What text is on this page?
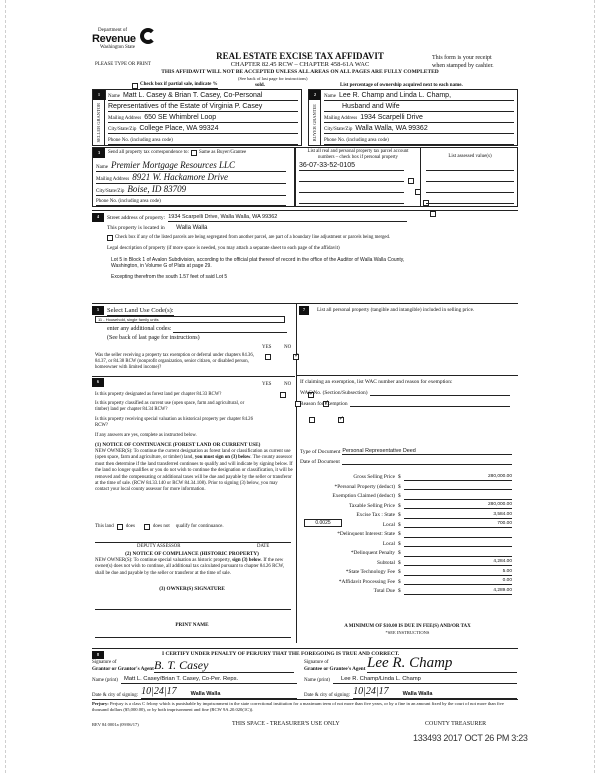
Department of
Revenue
Washington State
PLEASE TYPE OR PRINT
REAL ESTATE EXCISE TAX AFFIDAVIT
CHAPTER 82.45 RCW – CHAPTER 458-61A WAC
This form is your receipt
when stamped by cashier.
THIS AFFIDAVIT WILL NOT BE ACCEPTED UNLESS ALL AREAS ON ALL PAGES ARE FULLY COMPLETED
(See back of last page for instructions)
Check box if partial sale, indicate %	sold.	List percentage of ownership acquired next to each name.
1
SELLER GRANTOR
Name Matt L. Casey & Brian T. Casey, Co-Personal
Representatives of the Estate of Virginia P. Casey
Mailing Address 650 SE Whimbrel Loop
City/State/Zip College Place, WA 99324
Phone No. (including area code)
2
BUYER GRANTEE
Name Lee R. Champ and Linda L. Champ,
Husband and Wife
Mailing Address 1934 Scarpelli Drive
City/State/Zip Walla Walla, WA 99362
Phone No. (including area code)
3	Send all property tax correspondence to: Same as Buyer/Grantee
Name Premier Mortgage Resources LLC
Mailing Address 8921 W. Hackamore Drive
City/State/Zip Boise, ID 83709
Phone No. (including area code)
List all real and personal property tax parcel account numbers – check box if personal property
36-07-33-52-0105

List assessed value(s)
4	Street address of property: 1934 Scarpelli Drive, Walla Walla, WA 99362
This property is located in Walla Walla
Check box if any of the listed parcels are being segregated from another parcel, are part of a boundary line adjustment or parcels being merged.
Legal description of property (if more space is needed, you may attach a separate sheet to each page of the affidavit)
Lot 5 in Block 1 of Avalon Subdivision, according to the official plat thereof of record in the office of the Auditor of Walla Walla County,
Washington, in Volume G of Plats at page 29.
Excepting therefrom the south 1.57 feet of said Lot 5
5	Select Land Use Code(s):
11 - Household, single family units
enter any additional codes:
(See back of last page for instructions)
YES	NO
Was the seller receiving a property tax exemption or deferral under chapters 84.36, 84.37, or 84.38 RCW (nonprofit organization, senior citizen, or disabled person, homeowner with limited income)?
✓
6
YES	NO
Is this property designated as forest land per chapter 84.33 RCW?
✓
Is this property classified as current use (open space, farm and agricultural, or timber) land per chapter 84.34 RCW?
✓
Is this property receiving special valuation as historical property per chapter 84.26 RCW?
✓
If any answers are yes, complete as instructed below.
(1) NOTICE OF CONTINUANCE (FOREST LAND OR CURRENT USE)
NEW OWNER(S): To continue the current designation as forest land or classification as current use (open space, farm and agriculture, or timber) land, you must sign on (3) below. The county assessor must then determine if the land transferred continues to qualify and will indicate by signing below. If the land no longer qualifies or you do not wish to continue the designation or classification, it will be removed and the compensating or additional taxes will be due and payable by the seller or transferor at the time of sale. (RCW 84.33.140 or RCW 84.34.108). Prior to signing (3) below, you may contact your local county assessor for more information.
This land does	does not qualify for continuance.
DEPUTY ASSESSOR	DATE
(2) NOTICE OF COMPLIANCE (HISTORIC PROPERTY)
NEW OWNER(S): To continue special valuation as historic property, sign (3) below. If the new owner(s) does not wish to continue, all additional tax calculated pursuant to chapter 84.26 RCW, shall be due and payable by the seller or transferor at the time of sale.
(3) OWNER(S) SIGNATURE
PRINT NAME
7	List all personal property (tangible and intangible) included in selling price.
If claiming an exemption, list WAC number and reason for exemption:
WAC No. (Section/Subsection)
Reason for exemption
Type of Document Personal Representative Deed
Date of Document
Gross Selling Price $	280,000.00
*Personal Property (deduct) $
Exemption Claimed (deduct) $
Taxable Selling Price $	280,000.00
Excise Tax : State $	3,584.00
0.0025	Local $	700.00
*Delinquent Interest: State $
Local $
*Delinquent Penalty $
Subtotal $	4,284.00
*State Technology Fee $	5.00
*Affidavit Processing Fee $	0.00
Total Due $	4,289.00
A MINIMUM OF $10.00 IS DUE IN FEE(S) AND/OR TAX
*SEE INSTRUCTIONS
8	I CERTIFY UNDER PENALTY OF PERJURY THAT THE FOREGOING IS TRUE AND CORRECT.
Signature of
Grantor or Grantor's Agent B. T. Casey
Name (print)	Matt L. Casey/Brian T. Casey, Co-Per. Reps.
Date & city of signing: 10|24|17	Walla Walla
Signature of
Grantee or Grantee's Agent Lee R. Champ
Name (print)	Lee R. Champ/Linda L. Champ
Date & city of signing: 10|24|17	Walla Walla
Perjury: Perjury is a class C felony which is punishable by imprisonment in the state correctional institution for a maximum term of not more than five years, or by a fine in an amount fixed by the court of not more than five thousand dollars ($5,000.00), or by both imprisonment and fine (RCW 9A.20.020(1C)).
REV 84 0001a (09/06/17)	THIS SPACE - TREASURER'S USE ONLY	COUNTY TREASURER
133493 2017 OCT 26 PM 3:23
